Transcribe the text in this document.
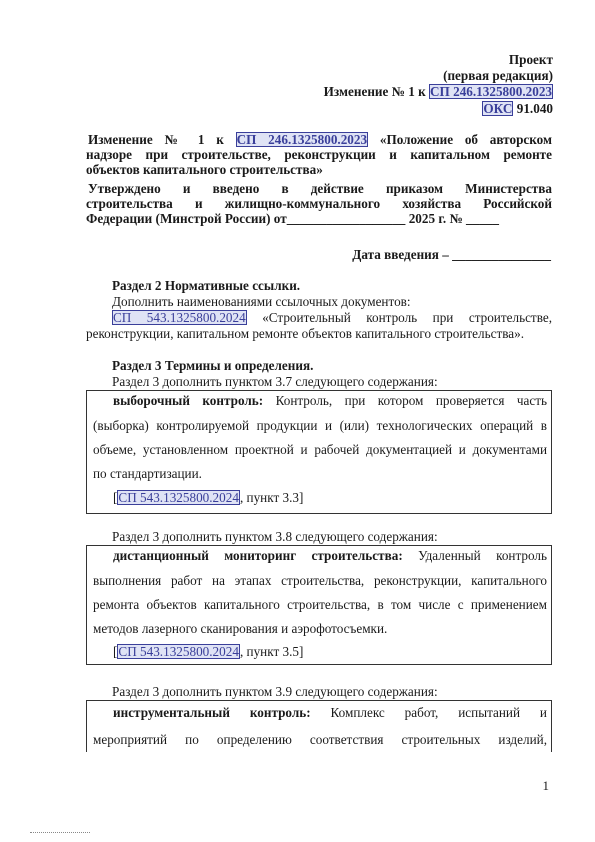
Проект
(первая редакция)
Изменение № 1 к СП 246.1325800.2023
ОКС 91.040
Изменение № 1 к СП 246.1325800.2023 «Положение об авторском
надзоре при строительстве, реконструкции и капитальном ремонте
объектов капитального строительства»
Утверждено и введено в действие приказом Министерства
строительства и жилищно-коммунального хозяйства Российской
Федерации (Минстрой России) от__________________ 2025 г. № _____
Дата введения – _______________
Раздел 2 Нормативные ссылки.
Дополнить наименованиями ссылочных документов:
СП 543.1325800.2024 «Строительный контроль при строительстве,
реконструкции, капитальном ремонте объектов капитального строительства».
Раздел 3 Термины и определения.
Раздел 3 дополнить пунктом 3.7 следующего содержания:
выборочный контроль: Контроль, при котором проверяется часть
(выборка) контролируемой продукции и (или) технологических операций в
объеме, установленном проектной и рабочей документацией и документами
по стандартизации.
[СП 543.1325800.2024, пункт 3.3]
Раздел 3 дополнить пунктом 3.8 следующего содержания:
дистанционный мониторинг строительства: Удаленный контроль
выполнения работ на этапах строительства, реконструкции, капитального
ремонта объектов капитального строительства, в том числе с применением
методов лазерного сканирования и аэрофотосъемки.
[СП 543.1325800.2024, пункт 3.5]
Раздел 3 дополнить пунктом 3.9 следующего содержания:
инструментальный контроль: Комплекс работ, испытаний и
мероприятий по определению соответствия строительных изделий,
1
